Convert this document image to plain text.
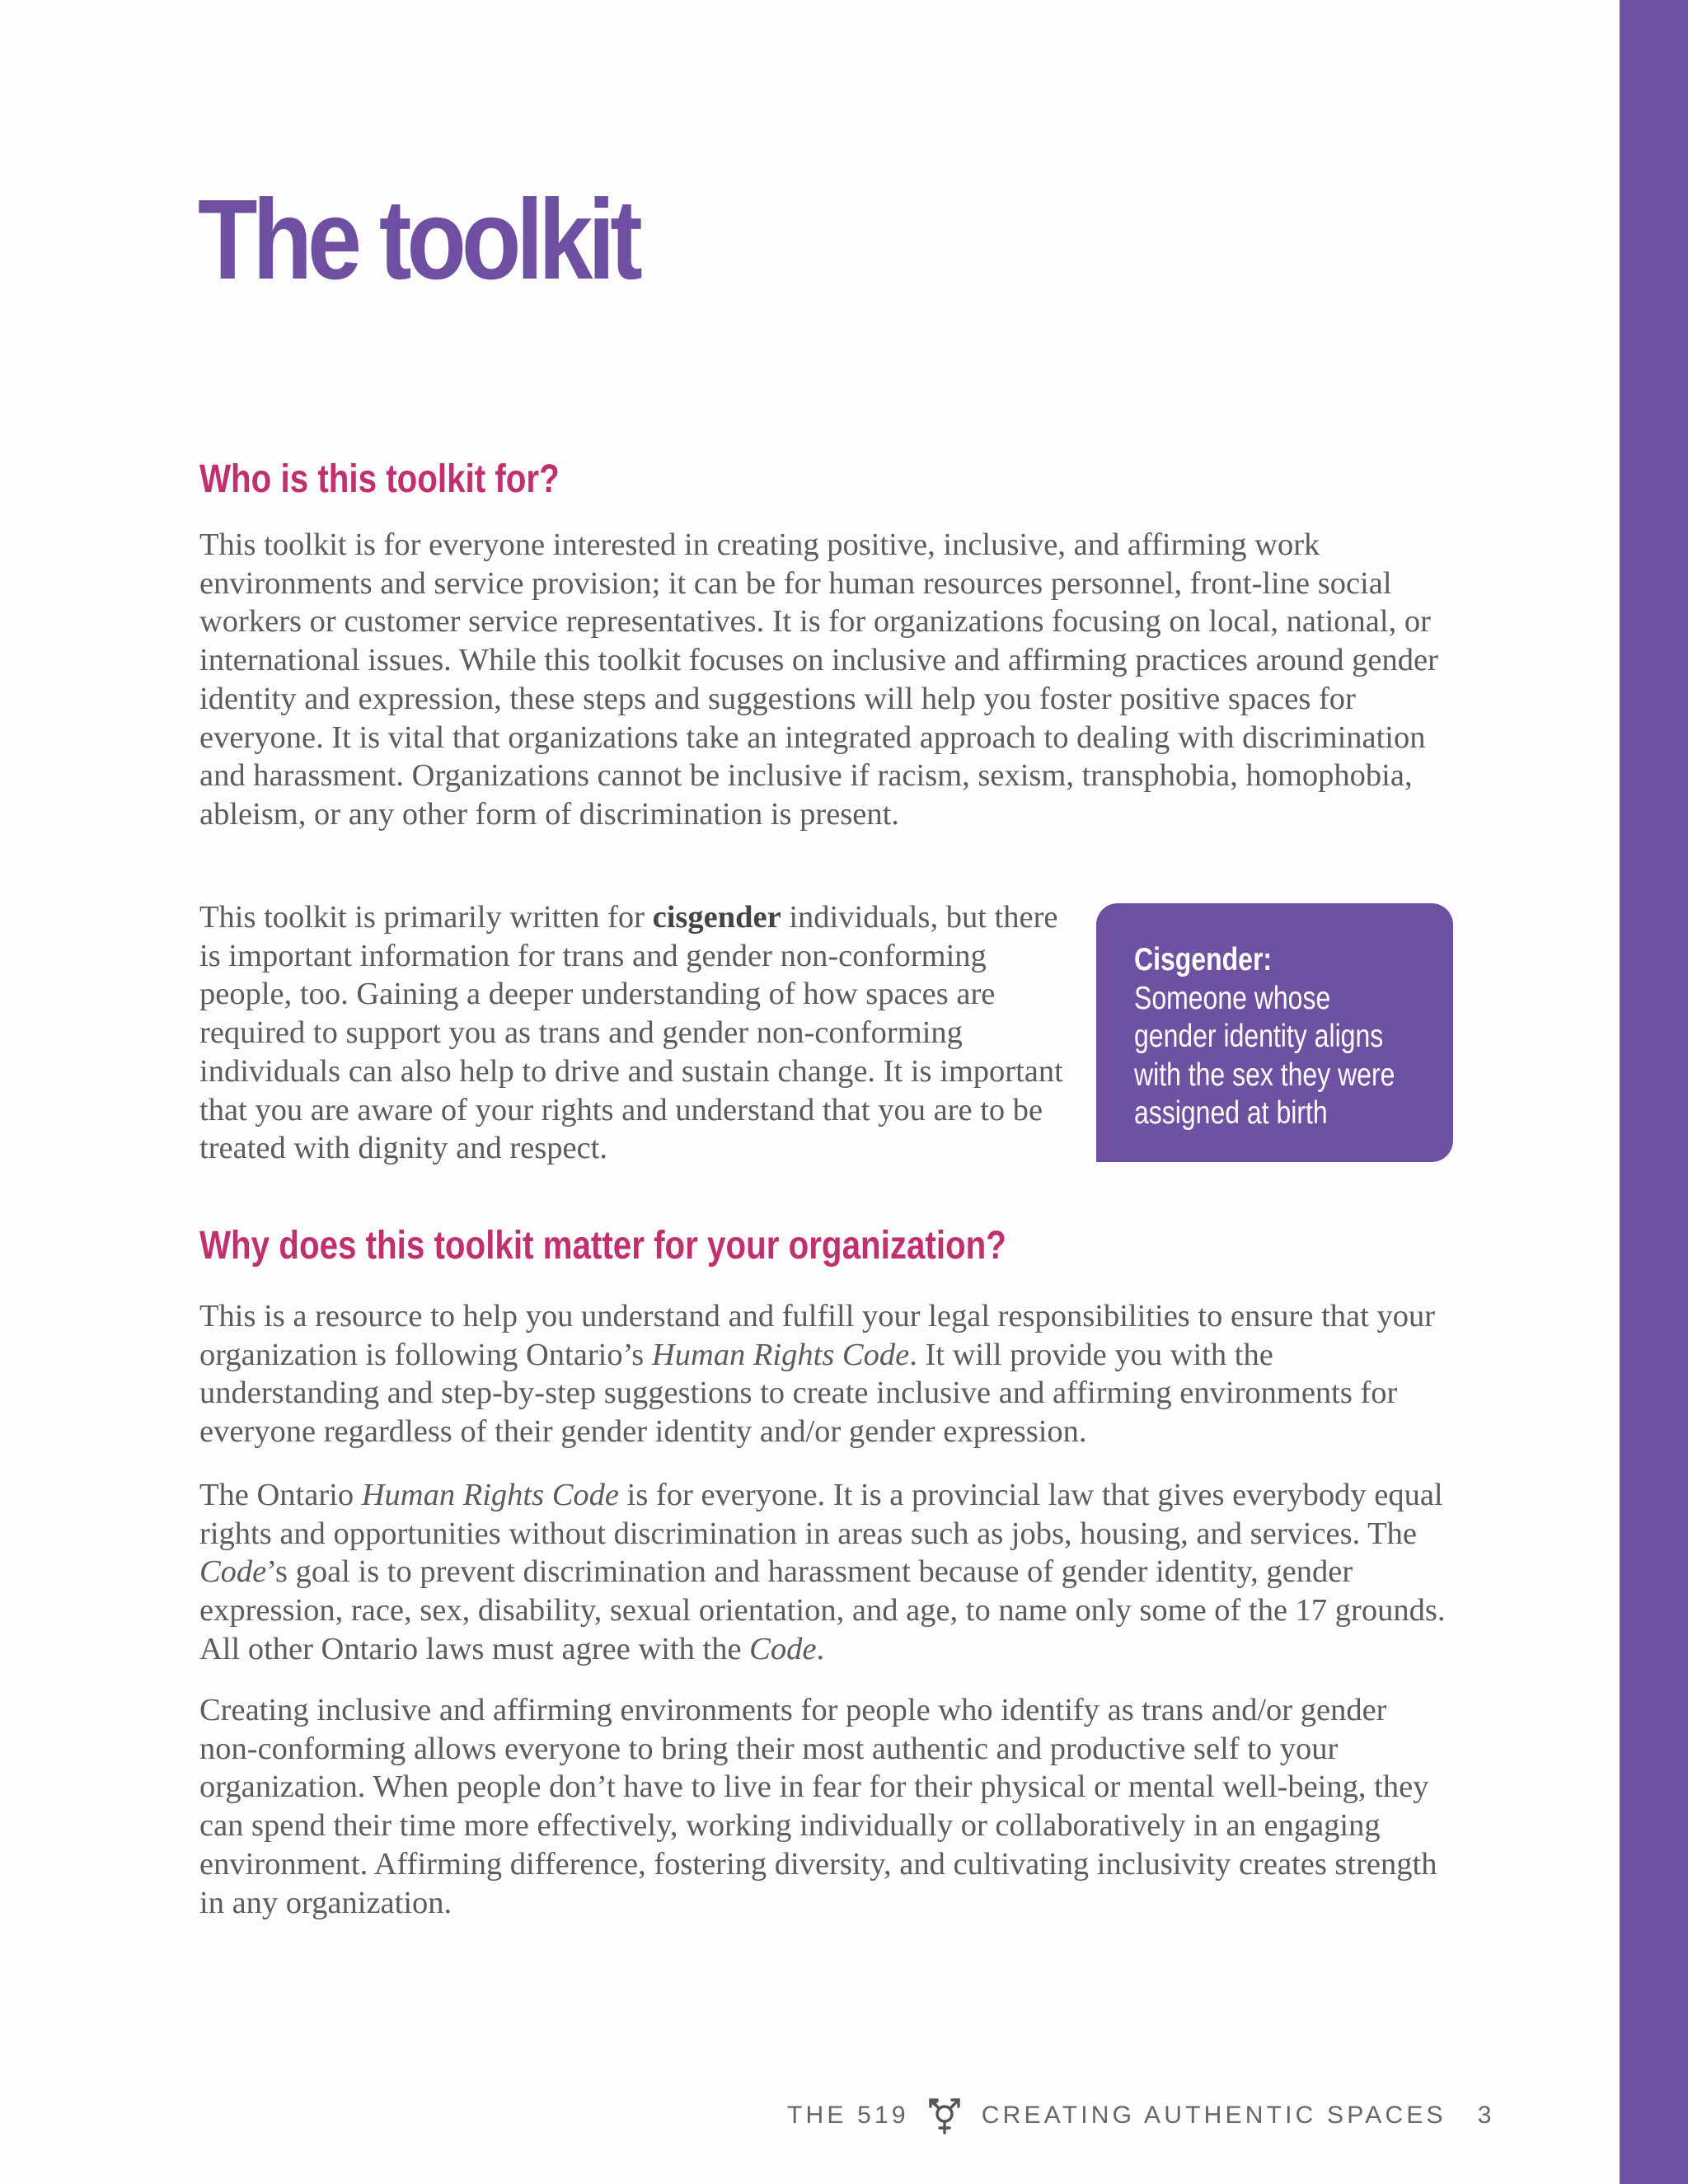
The toolkit
Who is this toolkit for?

This toolkit is for everyone interested in creating positive, inclusive, and affirming work environments and service provision; it can be for human resources personnel, front-line social workers or customer service representatives. It is for organizations focusing on local, national, or international issues. While this toolkit focuses on inclusive and affirming practices around gender identity and expression, these steps and suggestions will help you foster positive spaces for everyone. It is vital that organizations take an integrated approach to dealing with discrimination and harassment. Organizations cannot be inclusive if racism, sexism, transphobia, homophobia, ableism, or any other form of discrimination is present.

This toolkit is primarily written for cisgender individuals, but there is important information for trans and gender non-conforming people, too. Gaining a deeper understanding of how spaces are required to support you as trans and gender non-conforming individuals can also help to drive and sustain change. It is important that you are aware of your rights and understand that you are to be treated with dignity and respect.

Cisgender:
Someone whose gender identity aligns with the sex they were assigned at birth
Why does this toolkit matter for your organization?

This is a resource to help you understand and fulfill your legal responsibilities to ensure that your organization is following Ontario’s Human Rights Code. It will provide you with the understanding and step-by-step suggestions to create inclusive and affirming environments for everyone regardless of their gender identity and/or gender expression.

The Ontario Human Rights Code is for everyone. It is a provincial law that gives everybody equal rights and opportunities without discrimination in areas such as jobs, housing, and services. The Code’s goal is to prevent discrimination and harassment because of gender identity, gender expression, race, sex, disability, sexual orientation, and age, to name only some of the 17 grounds. All other Ontario laws must agree with the Code.

Creating inclusive and affirming environments for people who identify as trans and/or gender non-conforming allows everyone to bring their most authentic and productive self to your organization. When people don’t have to live in fear for their physical or mental well-being, they can spend their time more effectively, working individually or collaboratively in an engaging environment. Affirming difference, fostering diversity, and cultivating inclusivity creates strength in any organization.

THE 519	CREATING AUTHENTIC SPACES 3
